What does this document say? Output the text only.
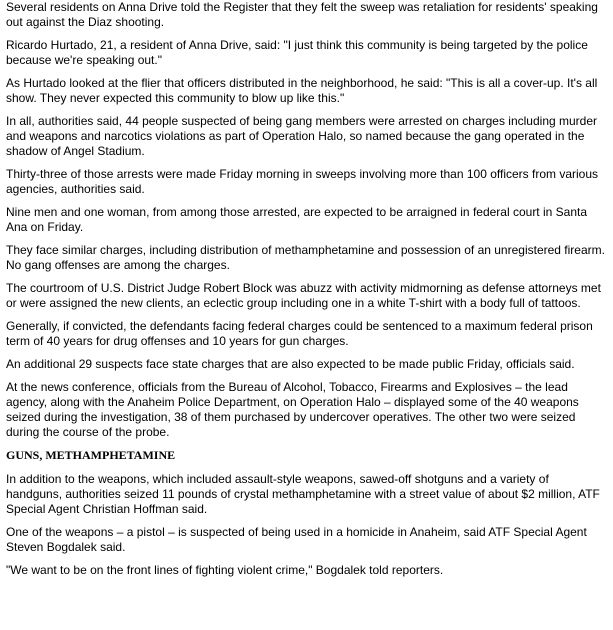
Several residents on Anna Drive told the Register that they felt the sweep was retaliation for residents' speaking out against the Diaz shooting.

Ricardo Hurtado, 21, a resident of Anna Drive, said: "I just think this community is being targeted by the police because we're speaking out."

As Hurtado looked at the flier that officers distributed in the neighborhood, he said: "This is all a cover-up. It's all show. They never expected this community to blow up like this."

In all, authorities said, 44 people suspected of being gang members were arrested on charges including murder and weapons and narcotics violations as part of Operation Halo, so named because the gang operated in the shadow of Angel Stadium.

Thirty-three of those arrests were made Friday morning in sweeps involving more than 100 officers from various agencies, authorities said.

Nine men and one woman, from among those arrested, are expected to be arraigned in federal court in Santa Ana on Friday.

They face similar charges, including distribution of methamphetamine and possession of an unregistered firearm. No gang offenses are among the charges.

The courtroom of U.S. District Judge Robert Block was abuzz with activity midmorning as defense attorneys met or were assigned the new clients, an eclectic group including one in a white T-shirt with a body full of tattoos.

Generally, if convicted, the defendants facing federal charges could be sentenced to a maximum federal prison term of 40 years for drug offenses and 10 years for gun charges.

An additional 29 suspects face state charges that are also expected to be made public Friday, officials said.

At the news conference, officials from the Bureau of Alcohol, Tobacco, Firearms and Explosives – the lead agency, along with the Anaheim Police Department, on Operation Halo – displayed some of the 40 weapons seized during the investigation, 38 of them purchased by undercover operatives. The other two were seized during the course of the probe.

GUNS, METHAMPHETAMINE

In addition to the weapons, which included assault-style weapons, sawed-off shotguns and a variety of handguns, authorities seized 11 pounds of crystal methamphetamine with a street value of about $2 million, ATF Special Agent Christian Hoffman said.

One of the weapons – a pistol – is suspected of being used in a homicide in Anaheim, said ATF Special Agent Steven Bogdalek said.

"We want to be on the front lines of fighting violent crime," Bogdalek told reporters.
